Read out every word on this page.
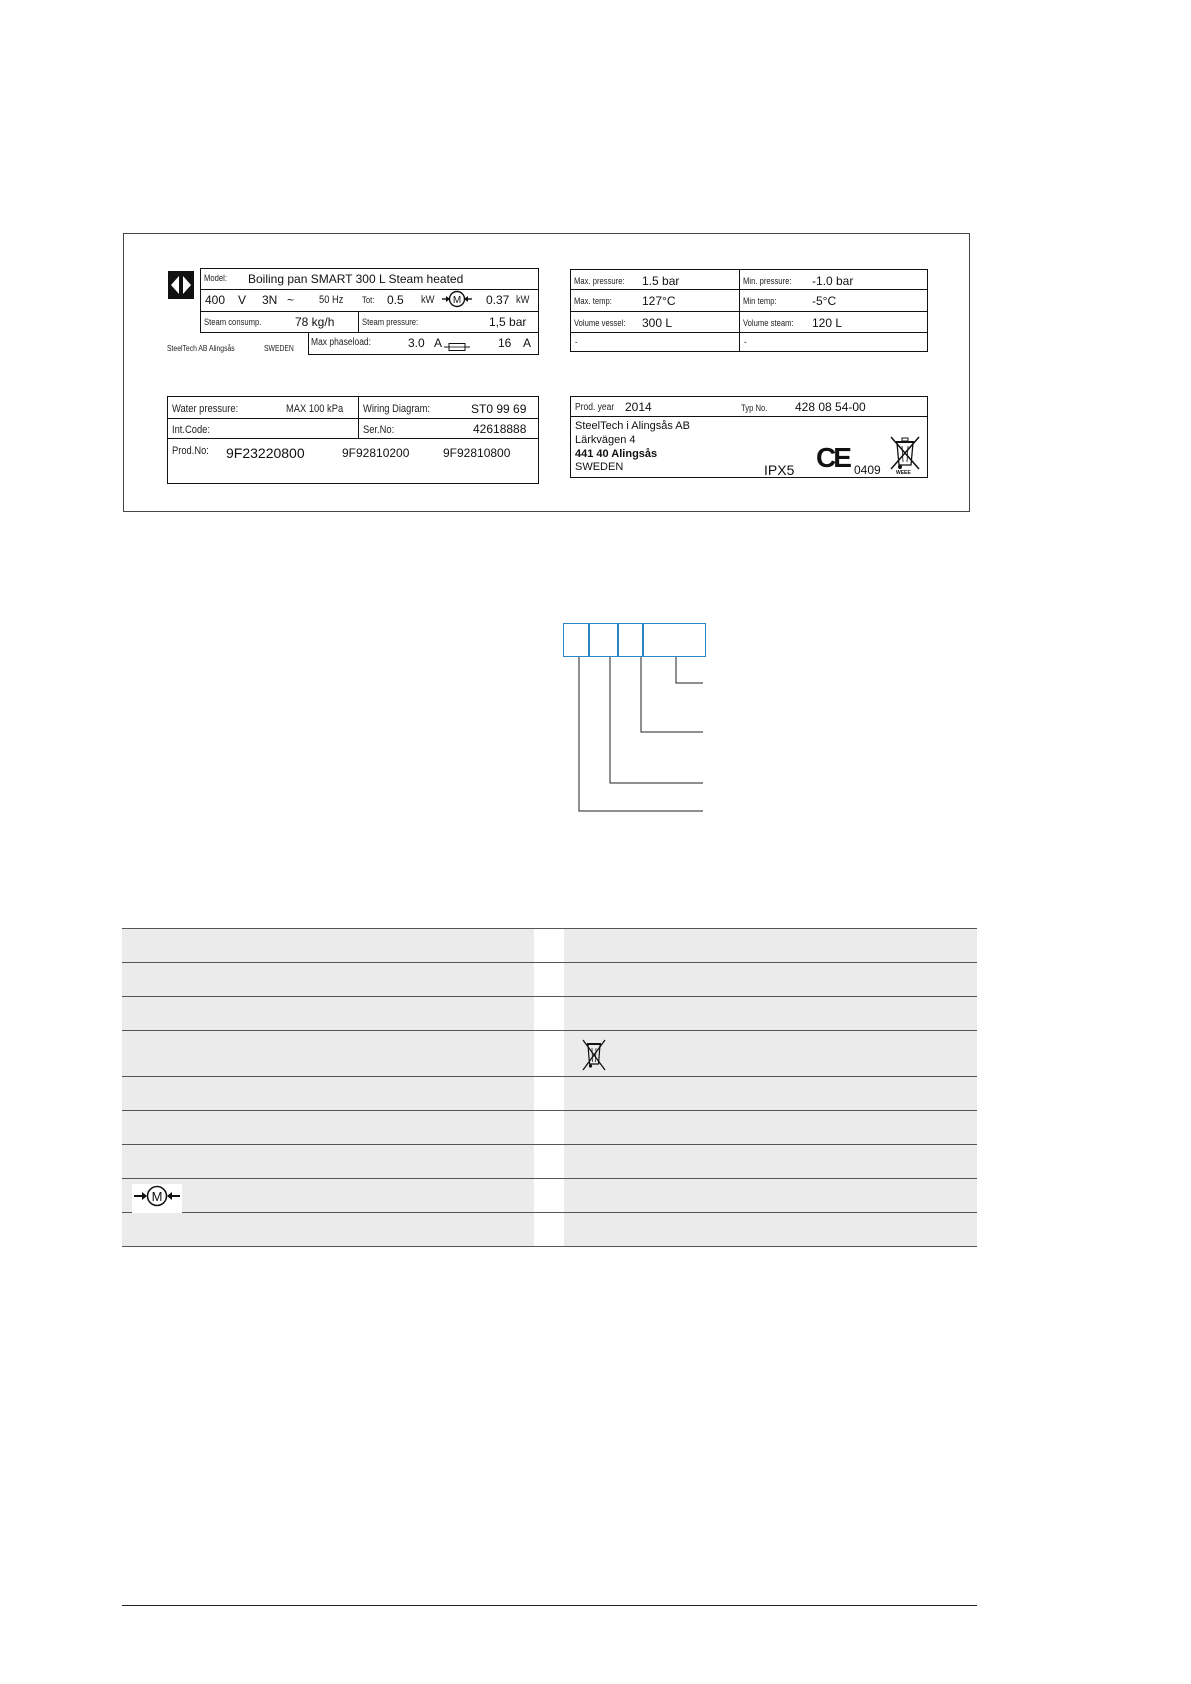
Model: Boiling pan SMART 300 L Steam heated
400 V 3N ~ 50 Hz Tot: 0.5 kW M 0.37 kW
Steam consump.	78 kg/h	Steam pressure:	1,5 bar
SteelTech AB Alingsås	SWEDEN
Max phaseload:	3.0 A	16 A
Max. pressure: 1.5 bar	Min. pressure: -1.0 bar
Max. temp:	127°C	Min temp:	-5°C
Volume vessel: 300 L	Volume steam: 120 L
-	-
Water pressure:	MAX 100 kPa Wiring Diagram:	ST0 99 69
Int.Code:	Ser.No:	42618888
Prod.No: 9F23220800	9F92810200	9F92810800
Prod. year 2014	Typ No. 428 08 54-00
SteelTech i Alingsås AB
Lärkvägen 4
441 40 Alingsås
SWEDEN	IPX5 CE 0409	WEEE
M
